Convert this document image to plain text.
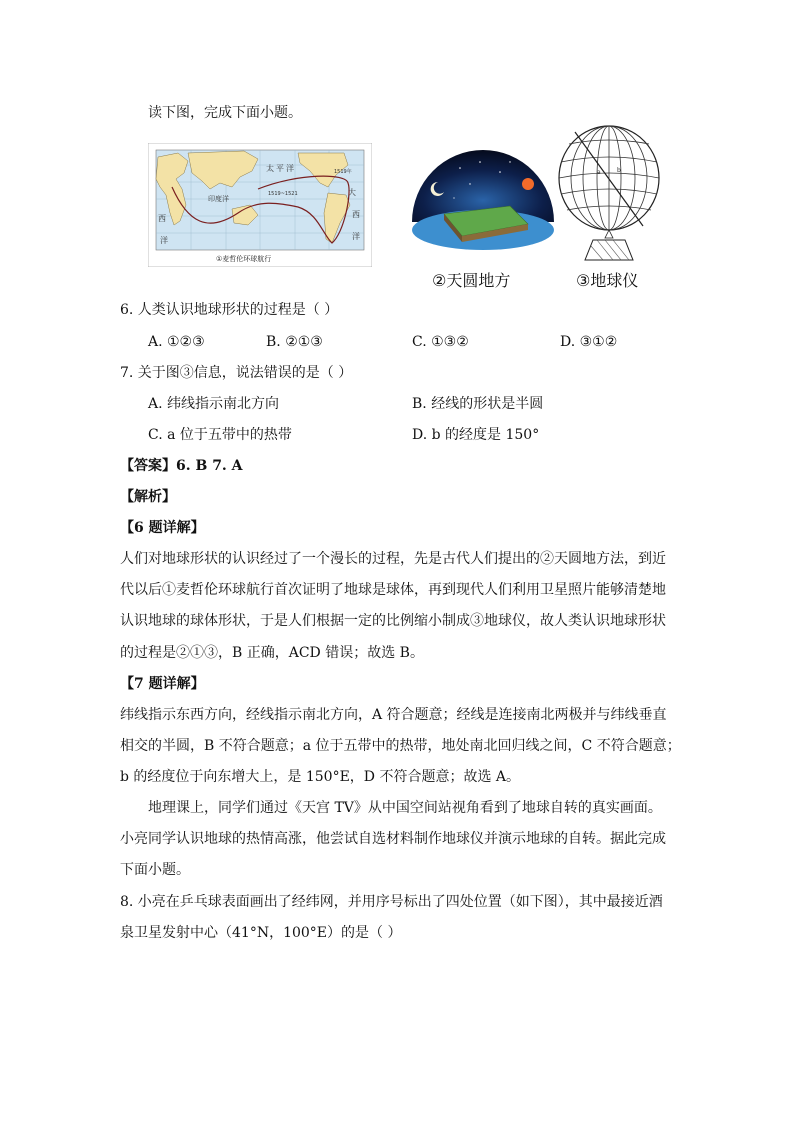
读下图，完成下面小题。
太 平 洋
印度洋
大
西
洋
西
洋
1519年
1519~1521
①麦哲伦环球航行
②天圆地方
a	b
③地球仪
6. 人类认识地球形状的过程是（ ）
A. ①②③	B. ②①③	C. ①③②	D. ③①②
7. 关于图③信息，说法错误的是（ ）
A. 纬线指示南北方向	B. 经线的形状是半圆
C. a 位于五带中的热带	D. b 的经度是 150°
【答案】6. B 7. A
【解析】
【6 题详解】
人们对地球形状的认识经过了一个漫长的过程，先是古代人们提出的②天圆地方法，到近
代以后①麦哲伦环球航行首次证明了地球是球体，再到现代人们利用卫星照片能够清楚地
认识地球的球体形状，于是人们根据一定的比例缩小制成③地球仪，故人类认识地球形状
的过程是②①③，B 正确，ACD 错误；故选 B。
【7 题详解】
纬线指示东西方向，经线指示南北方向，A 符合题意；经线是连接南北两极并与纬线垂直
相交的半圆，B 不符合题意；a 位于五带中的热带，地处南北回归线之间，C 不符合题意；
b 的经度位于向东增大上，是 150°E，D 不符合题意；故选 A。
地理课上，同学们通过《天宫 TV》从中国空间站视角看到了地球自转的真实画面。
小亮同学认识地球的热情高涨，他尝试自选材料制作地球仪并演示地球的自转。据此完成
下面小题。
8. 小亮在乒乓球表面画出了经纬网，并用序号标出了四处位置（如下图），其中最接近酒
泉卫星发射中心（41°N，100°E）的是（ ）
